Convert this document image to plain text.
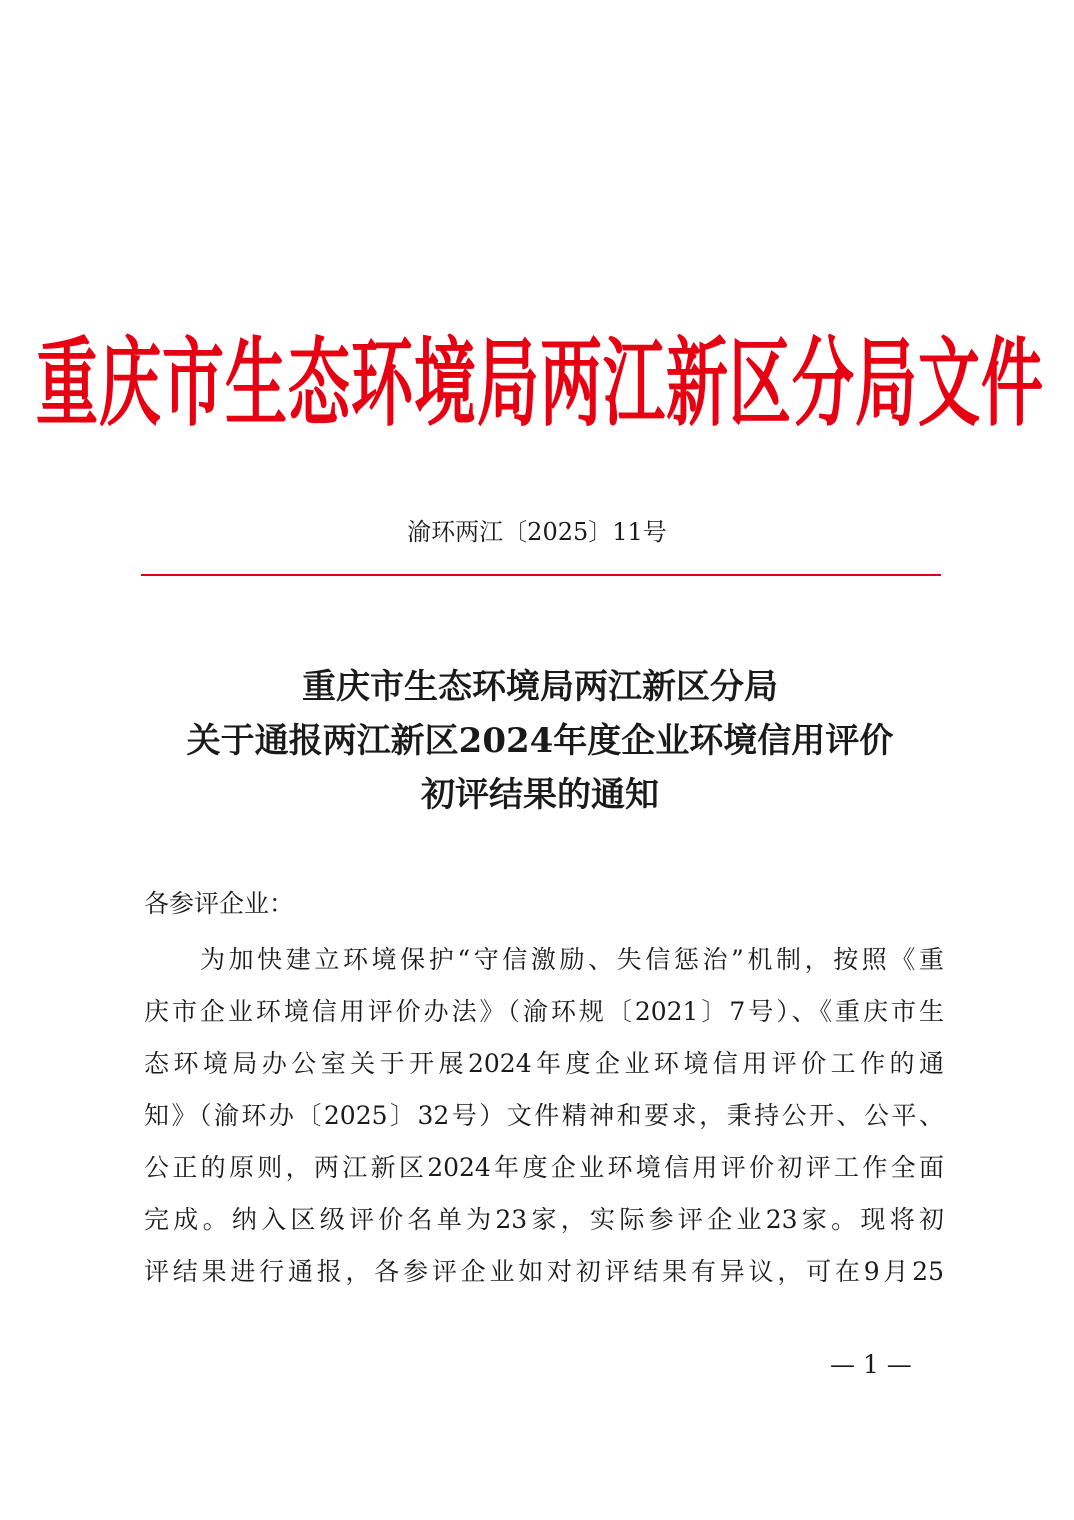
重庆市生态环境局两江新区分局文件
渝环两江〔2025〕11号
重庆市生态环境局两江新区分局
关于通报两江新区2024年度企业环境信用评价
初评结果的通知
各参评企业：
为加快建立环境保护“守信激励、失信惩治”机制，按照《重
庆市企业环境信用评价办法》（渝环规〔2021〕7号）、《重庆市生
态环境局办公室关于开展2024年度企业环境信用评价工作的通
知》（渝环办〔2025〕32号）文件精神和要求，秉持公开、公平、
公正的原则，两江新区2024年度企业环境信用评价初评工作全面
完成。纳入区级评价名单为23家，实际参评企业23家。现将初
评结果进行通报，各参评企业如对初评结果有异议，可在9月25
— 1 —
